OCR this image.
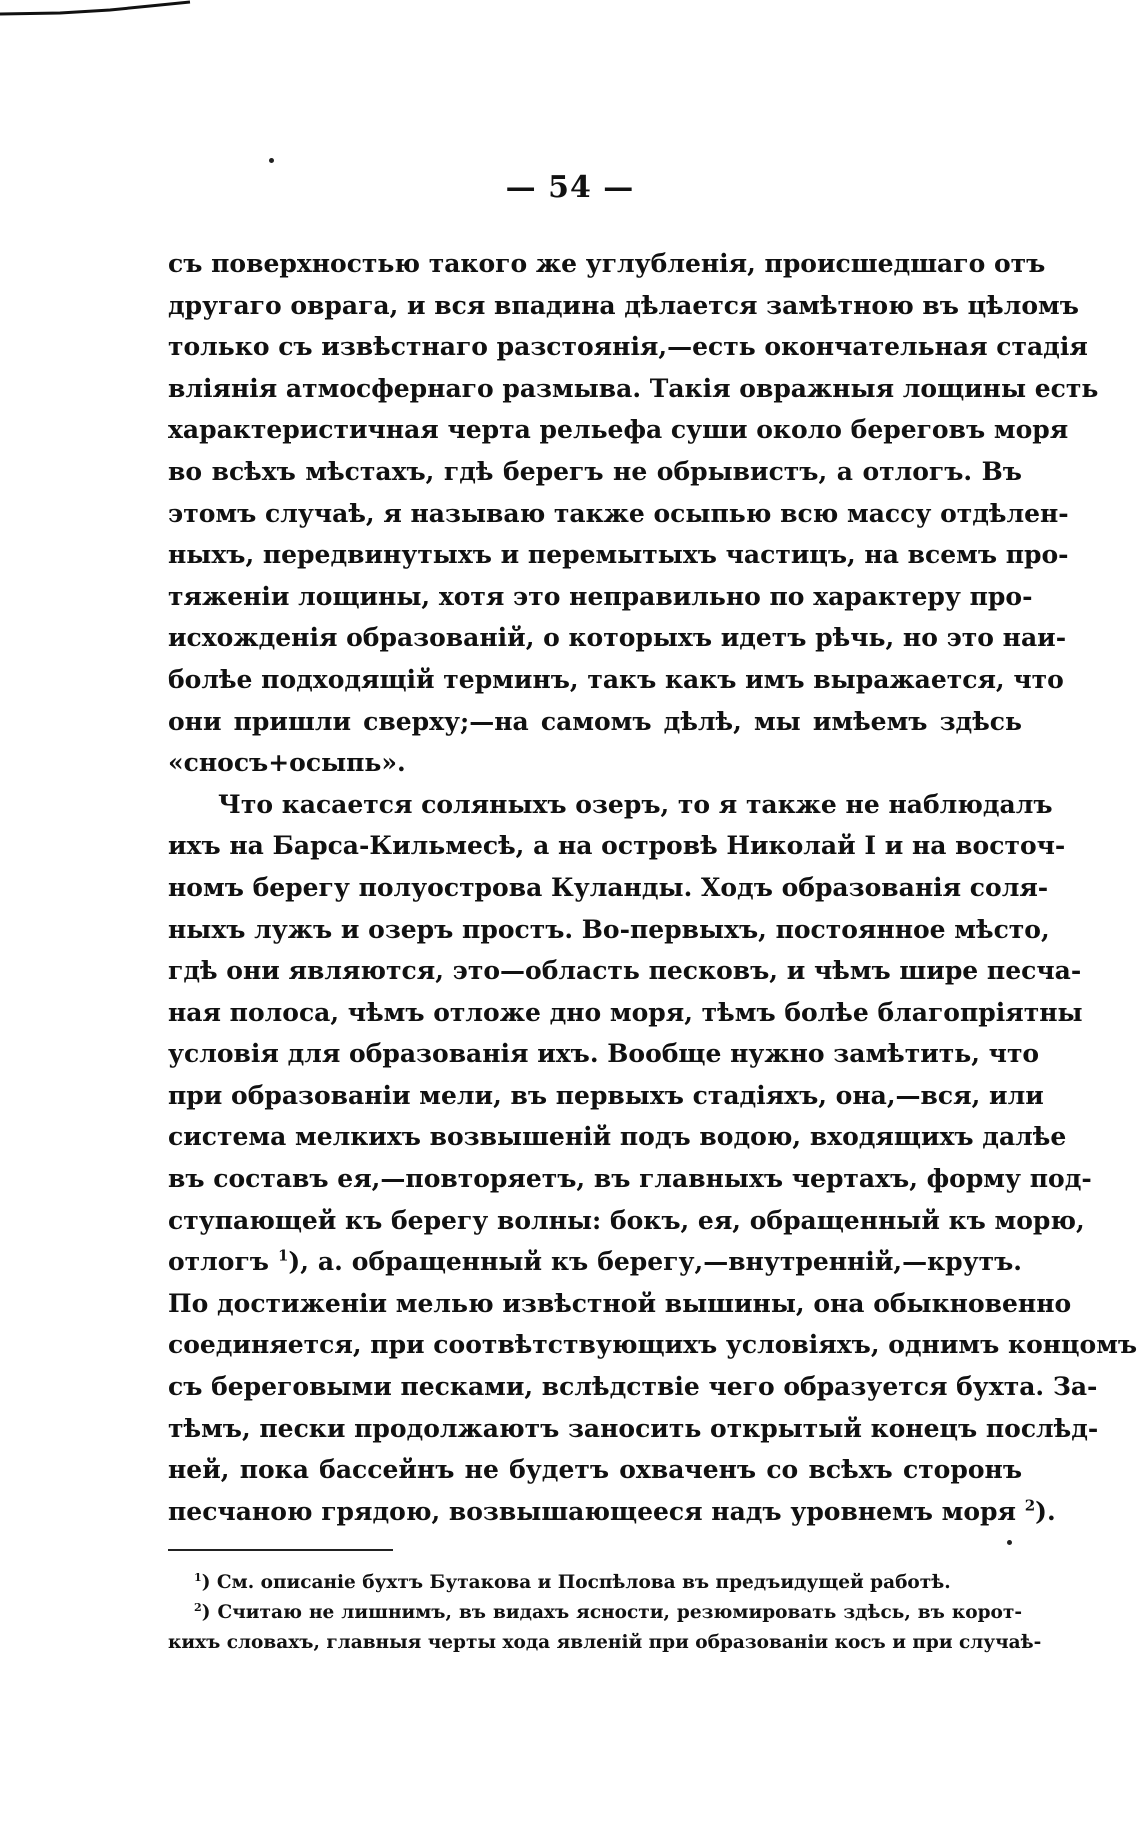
— 54 —
съ поверхностью такого же углубленія, происшедшаго отъ
другаго оврага, и вся впадина дѣлается замѣтною въ цѣломъ
только съ извѣстнаго разстоянія,—есть окончательная стадія
вліянія атмосфернаго размыва. Такія овражныя лощины есть
характеристичная черта рельефа суши около береговъ моря
во всѣхъ мѣстахъ, гдѣ берегъ не обрывистъ, а отлогъ. Въ
этомъ случаѣ, я называю также осыпью всю массу отдѣлен-
ныхъ, передвинутыхъ и перемытыхъ частицъ, на всемъ про-
тяженіи лощины, хотя это неправильно по характеру про-
исхожденія образованій, о которыхъ идетъ рѣчь, но это наи-
болѣе подходящій терминъ, такъ какъ имъ выражается, что
они пришли сверху;—на самомъ дѣлѣ, мы имѣемъ здѣсь
«сносъ+осыпь».
Что касается соляныхъ озеръ, то я также не наблюдалъ
ихъ на Барса-Кильмесѣ, а на островѣ Николай I и на восточ-
номъ берегу полуострова Куланды. Ходъ образованія соля-
ныхъ лужъ и озеръ простъ. Во-первыхъ, постоянное мѣсто,
гдѣ они являются, это—область песковъ, и чѣмъ шире песча-
ная полоса, чѣмъ отложе дно моря, тѣмъ болѣе благопріятны
условія для образованія ихъ. Вообще нужно замѣтить, что
при образованіи мели, въ первыхъ стадіяхъ, она,—вся, или
система мелкихъ возвышеній подъ водою, входящихъ далѣе
въ составъ ея,—повторяетъ, въ главныхъ чертахъ, форму под-
ступающей къ берегу волны: бокъ, ея, обращенный къ морю,
отлогъ $^1$), а. обращенный къ берегу,—внутренній,—крутъ.
По достиженіи мелью извѣстной вышины, она обыкновенно
соединяется, при соотвѣтствующихъ условіяхъ, однимъ концомъ
съ береговыми песками, вслѣдствіе чего образуется бухта. За-
тѣмъ, пески продолжаютъ заносить открытый конецъ послѣд-
ней, пока бассейнъ не будетъ охваченъ со всѣхъ сторонъ
песчаною грядою, возвышающееся надъ уровнемъ моря $^2$).
$^1$) См. описаніе бухтъ Бутакова и Поспѣлова въ предъидущей работѣ.
$^2$) Считаю не лишнимъ, въ видахъ ясности, резюмировать здѣсь, въ корот-
кихъ словахъ, главныя черты хода явленій при образованіи косъ и при случаѣ-
